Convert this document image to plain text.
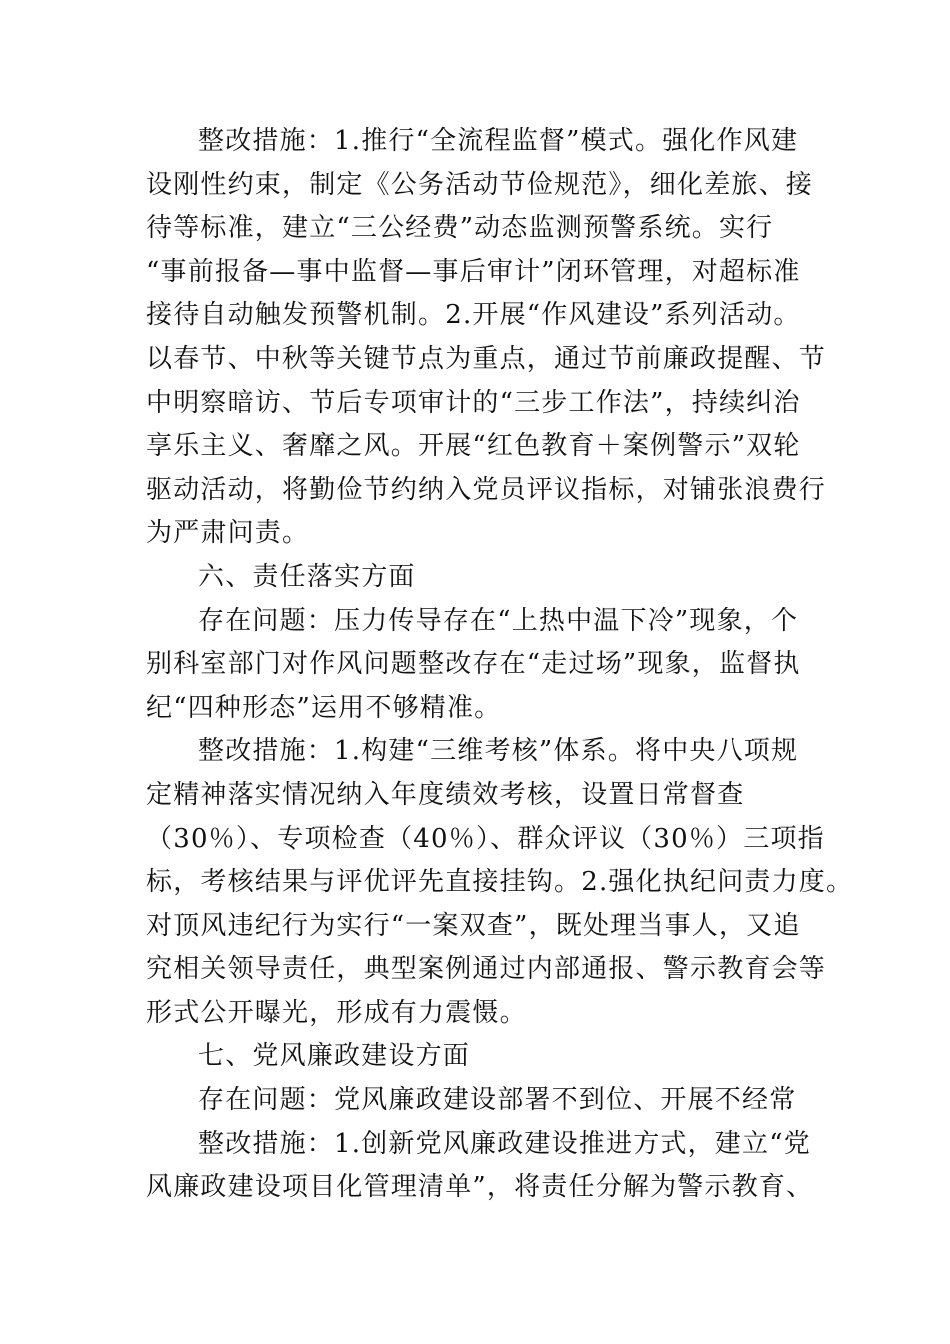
整改措施：1.推行“全流程监督”模式。强化作风建
设刚性约束，制定《公务活动节俭规范》，细化差旅、接
待等标准，建立“三公经费”动态监测预警系统。实行
“事前报备—事中监督—事后审计”闭环管理，对超标准
接待自动触发预警机制。2.开展“作风建设”系列活动。
以春节、中秋等关键节点为重点，通过节前廉政提醒、节
中明察暗访、节后专项审计的“三步工作法”，持续纠治
享乐主义、奢靡之风。开展“红色教育＋案例警示”双轮
驱动活动，将勤俭节约纳入党员评议指标，对铺张浪费行
为严肃问责。
六、责任落实方面
存在问题：压力传导存在“上热中温下冷”现象，个
别科室部门对作风问题整改存在“走过场”现象，监督执
纪“四种形态”运用不够精准。
整改措施：1.构建“三维考核”体系。将中央八项规
定精神落实情况纳入年度绩效考核，设置日常督查
（30％）、专项检查（40％）、群众评议（30％）三项指
标，考核结果与评优评先直接挂钩。2.强化执纪问责力度。
对顶风违纪行为实行“一案双查”，既处理当事人，又追
究相关领导责任，典型案例通过内部通报、警示教育会等
形式公开曝光，形成有力震慑。
七、党风廉政建设方面
存在问题：党风廉政建设部署不到位、开展不经常
整改措施：1.创新党风廉政建设推进方式，建立“党
风廉政建设项目化管理清单”，将责任分解为警示教育、
